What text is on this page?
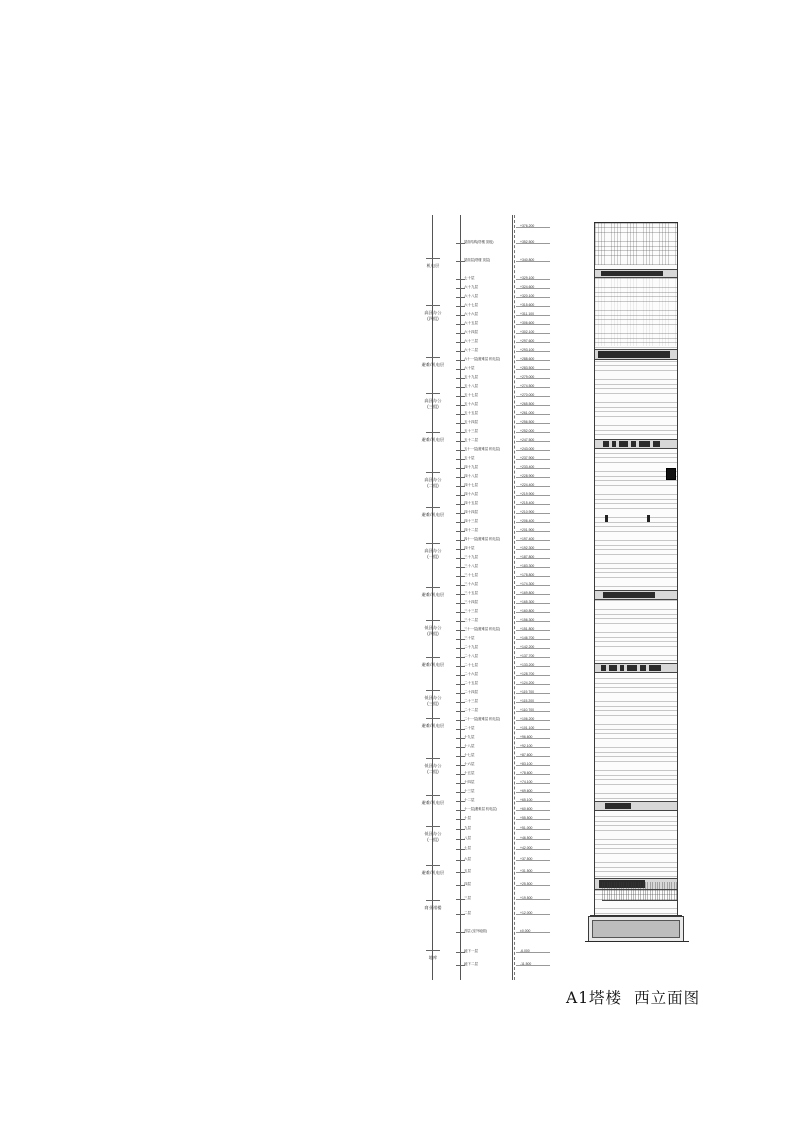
机电层
高区办公
(四组)
避难/机电层
高区办公
(三组)
避难/机电层
高区办公
(二组)
避难/机电层
高区办公
(一组)
避难/机电层
低区办公
(四组)
避难/机电层
低区办公
(三组)
避难/机电层
低区办公
(二组)
避难/机电层
低区办公
(一组)
避难/机电层
商业裙楼
地库
屋面结构(塔楼 顶板)
屋面层(塔楼 顶层)
七十层
六十九层
六十八层
六十七层
六十六层
六十五层
六十四层
六十三层
六十二层
六十一层(避难层 机电层)
六十层
五十九层
五十八层
五十七层
五十六层
五十五层
五十四层
五十三层
五十二层
五十一层(避难层 机电层)
五十层
四十九层
四十八层
四十七层
四十六层
四十五层
四十四层
四十三层
四十二层
四十一层(避难层 机电层)
四十层
三十九层
三十八层
三十七层
三十六层
三十五层
三十四层
三十三层
三十二层
三十一层(避难层 机电层)
三十层
二十九层
二十八层
二十七层
二十六层
二十五层
二十四层
二十三层
二十二层
二十一层(避难层 机电层)
二十层
十九层
十八层
十七层
十六层
十五层
十四层
十三层
十二层
十一层(避难层 机电层)
十层
九层
八层
七层
六层
五层
四层
三层
二层
首层 (室外地面)
地下一层
地下二层
+376.200
+352.500
+340.800
+329.100
+324.600
+320.100
+315.600
+311.100
+306.600
+302.100
+297.600
+293.100
+288.600
+283.500
+279.000
+274.500
+270.000
+265.500
+261.000
+256.500
+252.000
+247.500
+243.000
+237.900
+233.400
+228.900
+224.400
+219.900
+215.400
+210.900
+206.400
+201.900
+197.400
+192.300
+187.800
+183.300
+178.800
+174.300
+169.800
+165.300
+160.800
+156.300
+151.800
+146.700
+142.200
+137.700
+133.200
+128.700
+124.200
+119.700
+115.200
+110.700
+106.200
+101.100
+96.600
+92.100
+87.600
+83.100
+78.600
+74.100
+69.600
+65.100
+60.600
+55.500
+51.000
+46.500
+42.000
+37.500
+31.500
+25.500
+19.500
+12.000
±0.000
-6.000
-11.500
A1塔楼 西立面图
